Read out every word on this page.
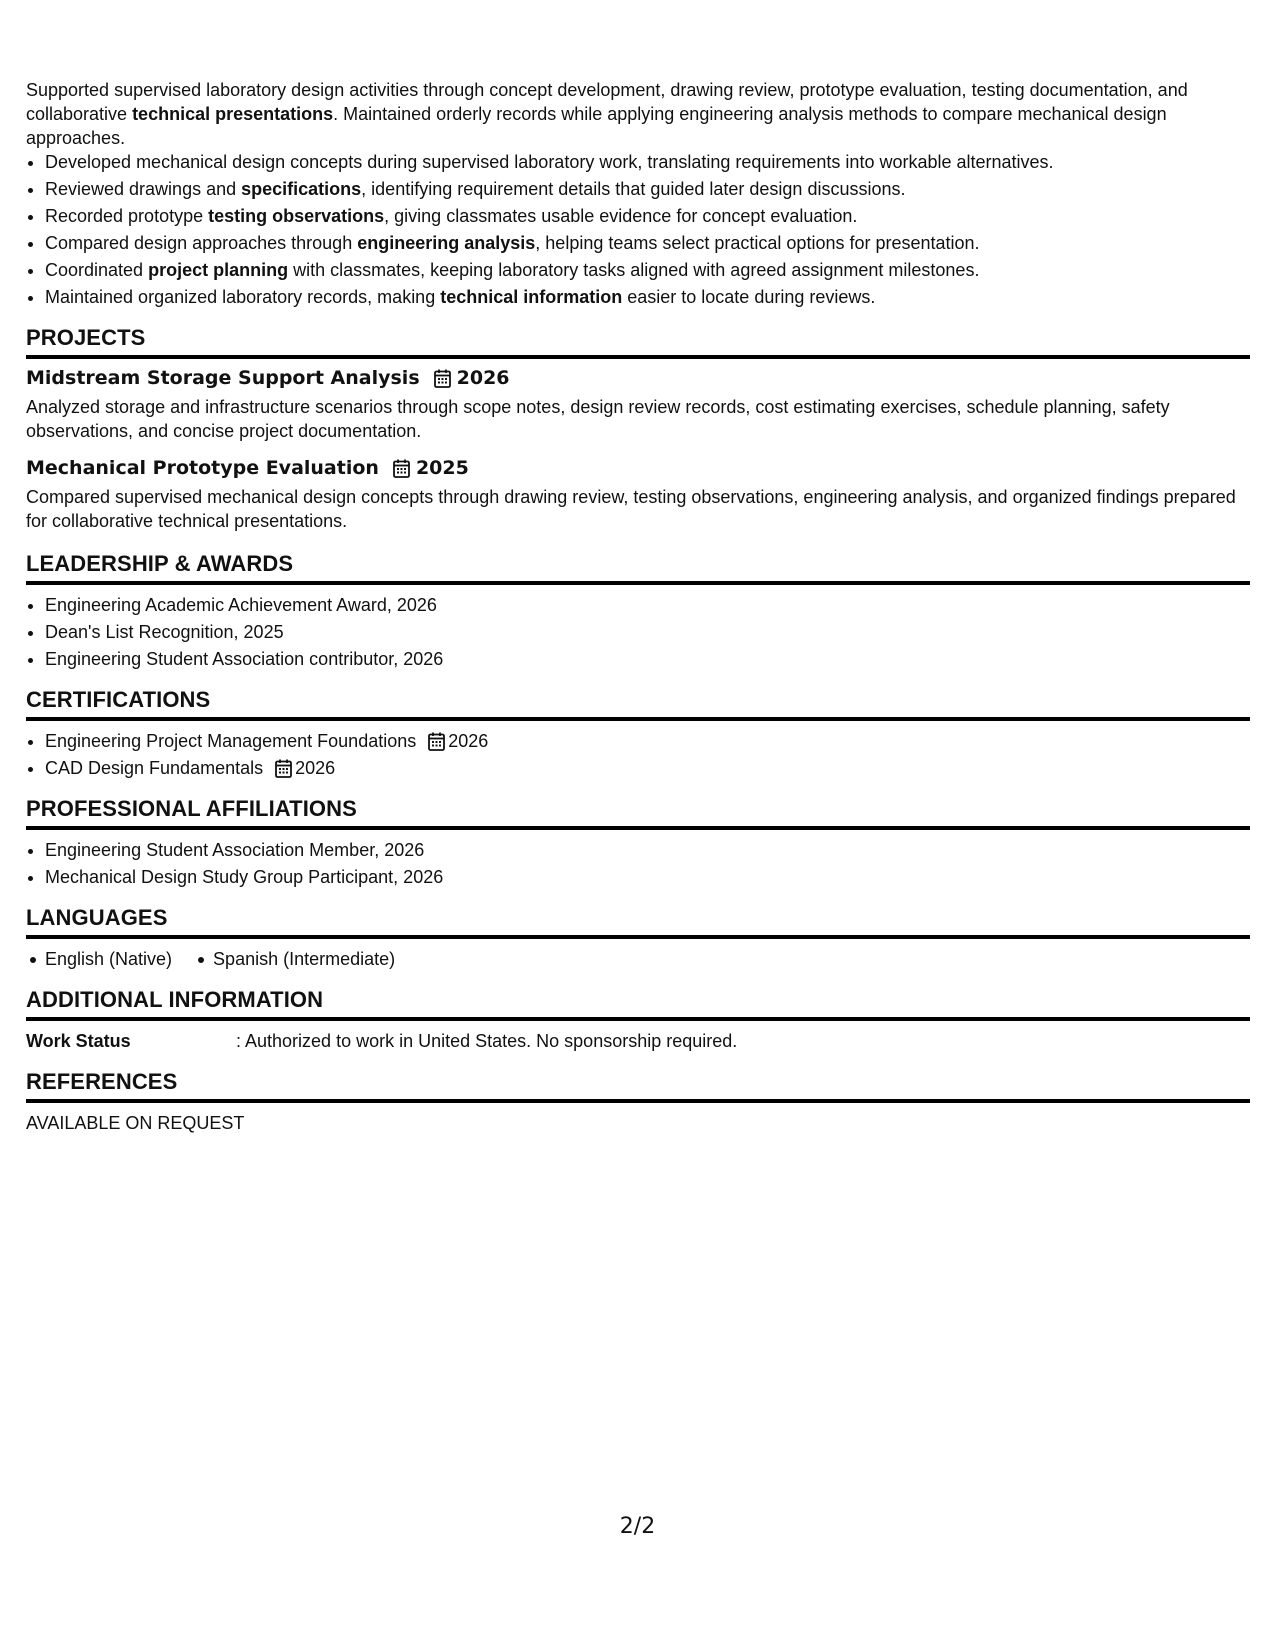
Supported supervised laboratory design activities through concept development, drawing review, prototype evaluation, testing documentation, and collaborative technical presentations. Maintained orderly records while applying engineering analysis methods to compare mechanical design approaches.

• Developed mechanical design concepts during supervised laboratory work, translating requirements into workable alternatives.
• Reviewed drawings and specifications, identifying requirement details that guided later design discussions.
• Recorded prototype testing observations, giving classmates usable evidence for concept evaluation.
• Compared design approaches through engineering analysis, helping teams select practical options for presentation.
• Coordinated project planning with classmates, keeping laboratory tasks aligned with agreed assignment milestones.
• Maintained organized laboratory records, making technical information easier to locate during reviews.
PROJECTS
Midstream Storage Support Analysis 2026

Analyzed storage and infrastructure scenarios through scope notes, design review records, cost estimating exercises, schedule planning, safety observations, and concise project documentation.

Mechanical Prototype Evaluation 2025

Compared supervised mechanical design concepts through drawing review, testing observations, engineering analysis, and organized findings prepared for collaborative technical presentations.

LEADERSHIP & AWARDS
• Engineering Academic Achievement Award, 2026
• Dean's List Recognition, 2025
• Engineering Student Association contributor, 2026
CERTIFICATIONS
• Engineering Project Management Foundations 2026
• CAD Design Fundamentals 2026
PROFESSIONAL AFFILIATIONS
• Engineering Student Association Member, 2026
• Mechanical Design Study Group Participant, 2026
LANGUAGES
English (Native)	Spanish (Intermediate)
ADDITIONAL INFORMATION
Work Status	: Authorized to work in United States. No sponsorship required.
REFERENCES
AVAILABLE ON REQUEST
2/2
